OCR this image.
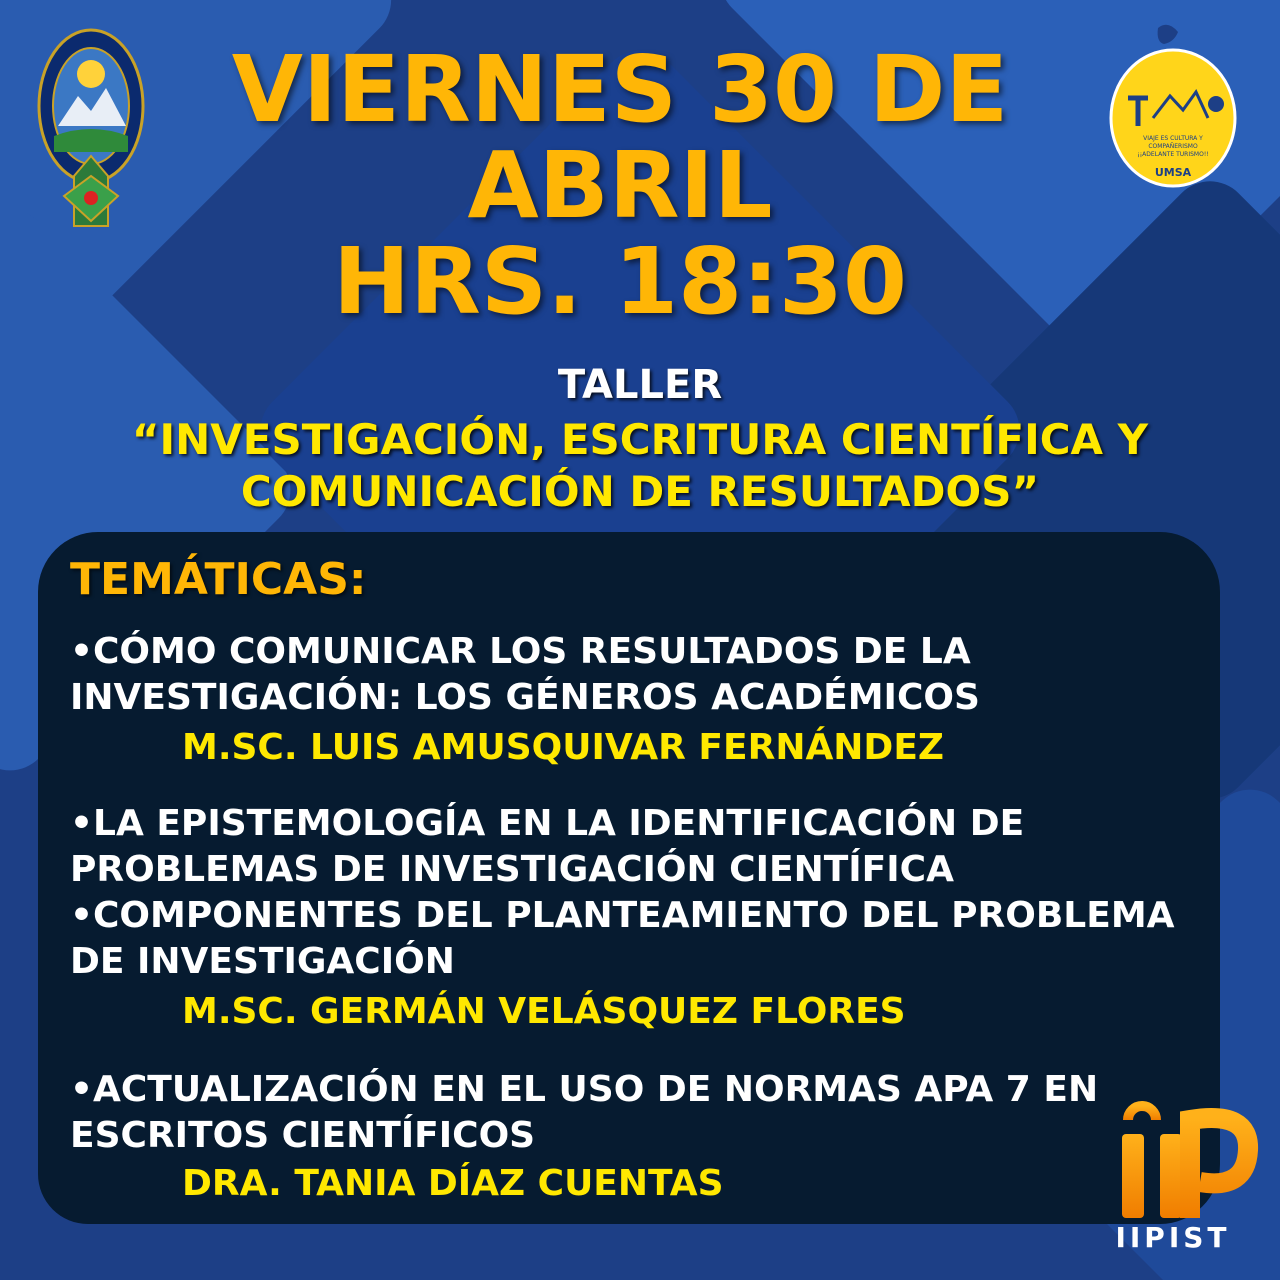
VIAJE ES CULTURA Y
COMPAÑERISMO
¡¡ADELANTE TURISMO!!
UMSA
VIERNES 30 DE
ABRIL
HRS. 18:30
TALLER
“INVESTIGACIÓN, ESCRITURA CIENTÍFICA Y
COMUNICACIÓN DE RESULTADOS”
TEMÁTICAS:
•CÓMO COMUNICAR LOS RESULTADOS DE LA
INVESTIGACIÓN: LOS GÉNEROS ACADÉMICOS
M.SC. LUIS AMUSQUIVAR FERNÁNDEZ
•LA EPISTEMOLOGÍA EN LA IDENTIFICACIÓN DE
PROBLEMAS DE INVESTIGACIÓN CIENTÍFICA
•COMPONENTES DEL PLANTEAMIENTO DEL PROBLEMA
DE INVESTIGACIÓN
M.SC. GERMÁN VELÁSQUEZ FLORES
•ACTUALIZACIÓN EN EL USO DE NORMAS APA 7 EN
ESCRITOS CIENTÍFICOS
DRA. TANIA DÍAZ CUENTAS
IIPIST
